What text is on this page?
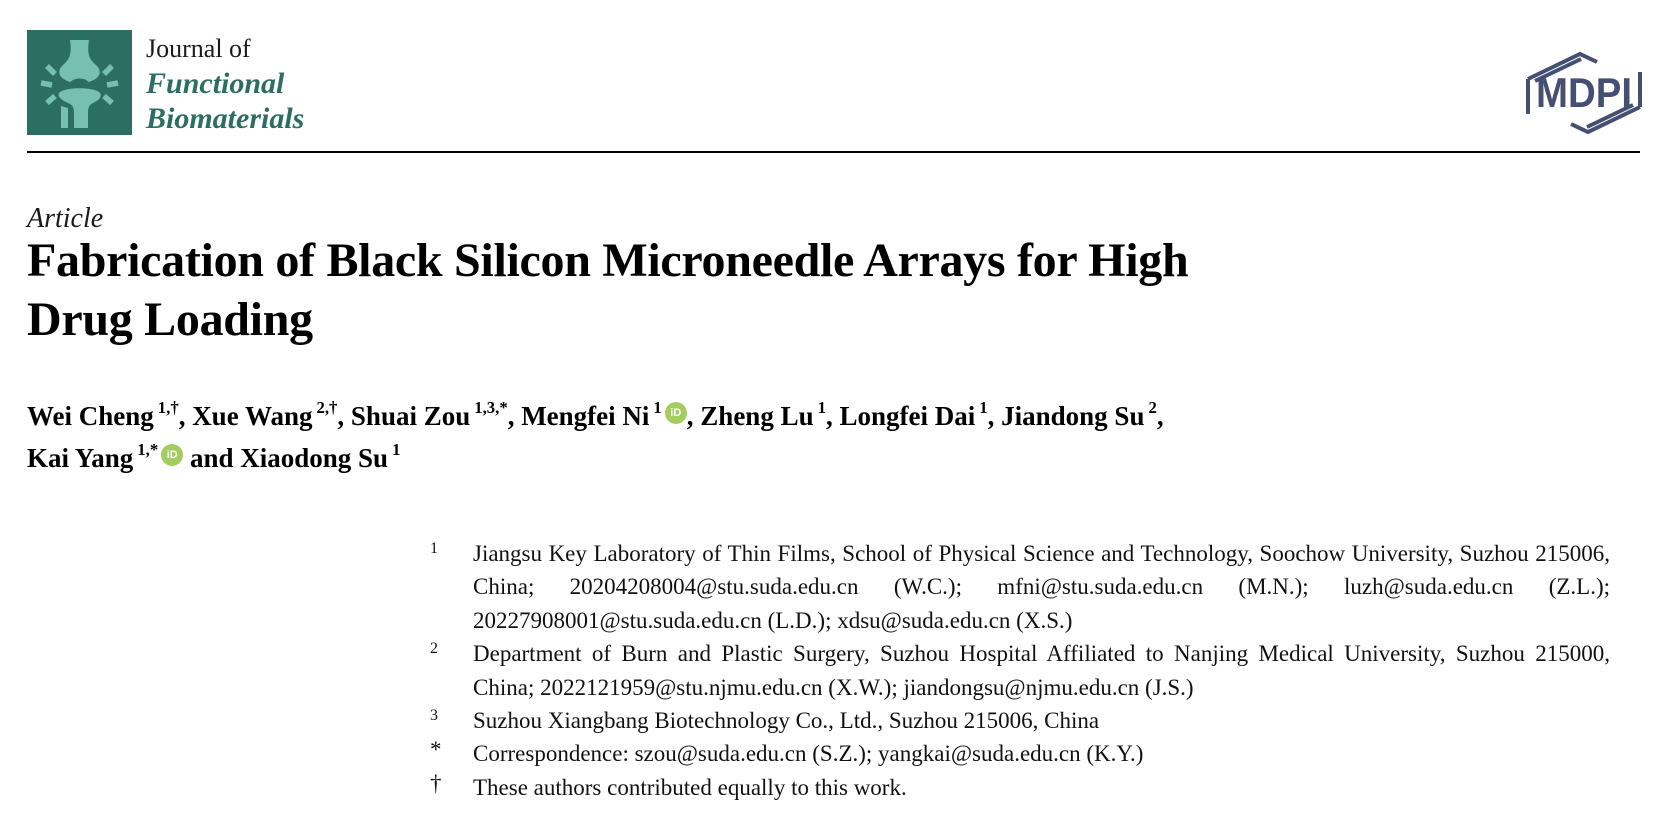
Journal of
Functional
Biomaterials
MDPI
Article
Fabrication of Black Silicon Microneedle Arrays for High
Drug Loading
Wei Cheng $^{1,\dagger}$, Xue Wang $^{2,\dagger}$, Shuai Zou $^{1,3,*}$, Mengfei Ni $^1$ iD , Zheng Lu $^1$, Longfei Dai $^1$, Jiandong Su $^2$,
Kai Yang $^{1,*}$ iD and Xiaodong Su $^1$
1	Jiangsu Key Laboratory of Thin Films, School of Physical Science and Technology, Soochow University, Suzhou 215006, China; 20204208004@stu.suda.edu.cn (W.C.); mfni@stu.suda.edu.cn (M.N.); luzh@suda.edu.cn (Z.L.); 20227908001@stu.suda.edu.cn (L.D.); xdsu@suda.edu.cn (X.S.)
2	Department of Burn and Plastic Surgery, Suzhou Hospital Affiliated to Nanjing Medical University, Suzhou 215000, China; 2022121959@stu.njmu.edu.cn (X.W.); jiandongsu@njmu.edu.cn (J.S.)
3	Suzhou Xiangbang Biotechnology Co., Ltd., Suzhou 215006, China
*	Correspondence: szou@suda.edu.cn (S.Z.); yangkai@suda.edu.cn (K.Y.)
†	These authors contributed equally to this work.
